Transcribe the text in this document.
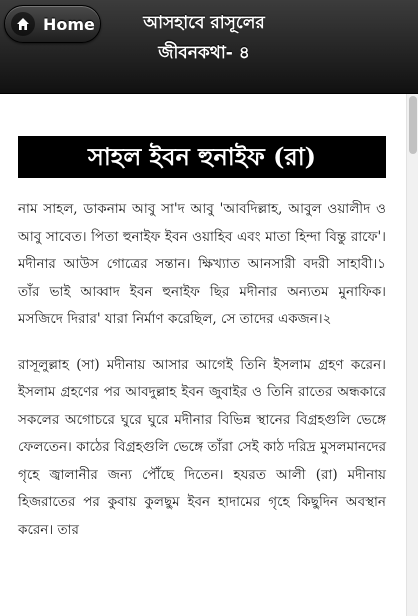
Home	আসহাবে রাসূলের
জীবনকথা- ৪
সাহল ইবন হুনাইফ (রা)

নাম সাহল, ডাকনাম আবু সা'দ আবু 'আবদিল্লাহ, আবুল ওয়ালীদ ও আবু সাবেত। পিতা হুনাইফ ইবন ওয়াহিব এবং মাতা হিন্দা বিন্তু রাফে'। মদীনার আউস গোত্রের সন্তান। ক্ষিখ্যাত আনসারী বদরী সাহাবী।১ তাঁর ভাই আব্বাদ ইবন হুনাইফ ছির মদীনার অন্যতম মুনাফিক। মসজিদে দিরার' যারা নির্মাণ করেছিল, সে তাদের একজন।২

রাসূলুল্লাহ (সা) মদীনায় আসার আগেই তিনি ইসলাম গ্রহণ করেন। ইসলাম গ্রহণের পর আবদুল্লাহ ইবন জুবাইর ও তিনি রাতের অন্ধকারে সকলের অগোচরে ঘুরে ঘুরে মদীনার বিভিন্ন স্থানের বিগ্রহগুলি ভেঙ্গে ফেলতেন। কাঠের বিগ্রহগুলি ভেঙ্গে তাঁরা সেই কাঠ দরিদ্র মুসলমানদের গৃহে জ্বালানীর জন্য পৌঁছে দিতেন। হযরত আলী (রা) মদীনায় হিজরাতের পর কুবায় কুলছুম ইবন হাদামের গৃহে কিছুদিন অবস্থান করেন। তার
